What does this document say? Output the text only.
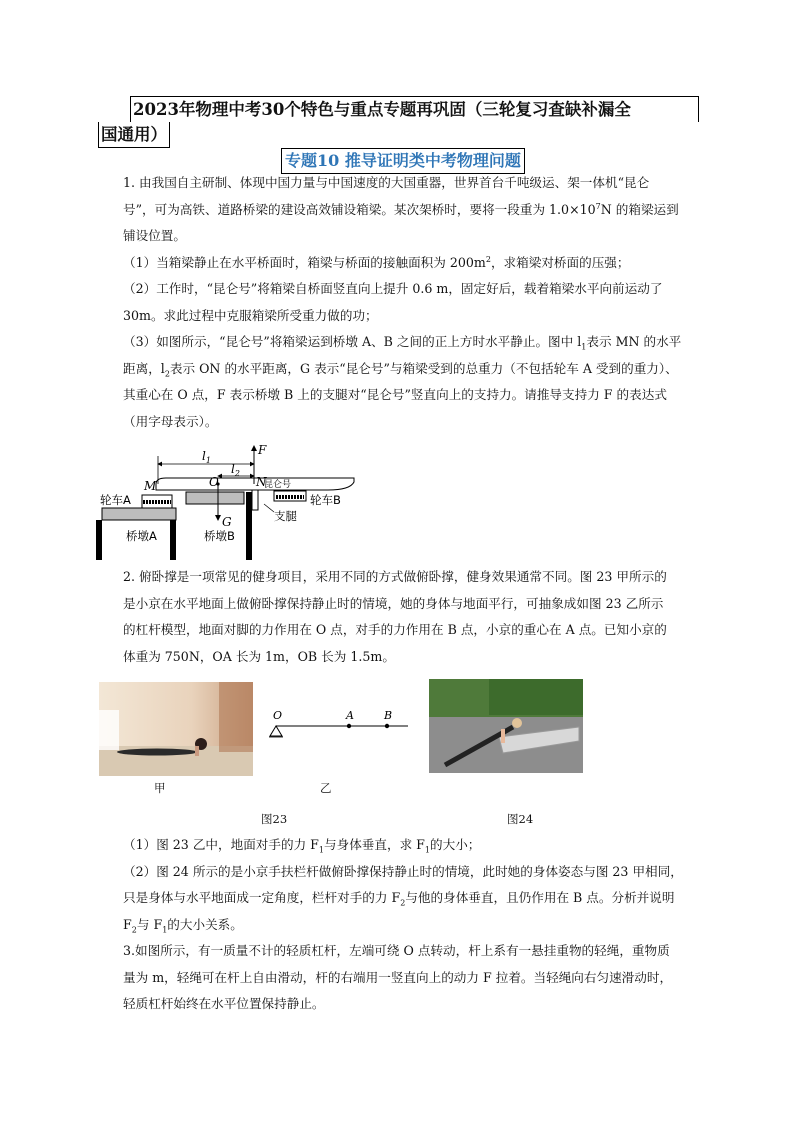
2023年物理中考30个特色与重点专题再巩固（三轮复习查缺补漏全
国通用）
专题10 推导证明类中考物理问题
1. 由我国自主研制、体现中国力量与中国速度的大国重器，世界首台千吨级运、架一体机“昆仑
号”，可为高铁、道路桥梁的建设高效铺设箱梁。某次架桥时，要将一段重为 $1.0\times 10^7N$ 的箱梁运到
铺设位置。
（1）当箱梁静止在水平桥面时，箱梁与桥面的接触面积为 $200m^2$，求箱梁对桥面的压强；
（2）工作时，“昆仑号”将箱梁自桥面竖直向上提升 0.6 m，固定好后，载着箱梁水平向前运动了
30m。求此过程中克服箱梁所受重力做的功；
（3）如图所示，“昆仑号”将箱梁运到桥墩 A、B 之间的正上方时水平静止。图中 $l_1$表示 MN 的水平
距离，$l_2$表示 ON 的水平距离，G 表示“昆仑号”与箱梁受到的总重力（不包括轮车 A 受到的重力）、
其重心在 O 点，F 表示桥墩 B 上的支腿对“昆仑号”竖直向上的支持力。请推导支持力 F 的表达式
（用字母表示）。
$l_1$
$l_2$
F
M	O	N
G
昆仑号
轮车A	轮车B
支腿
桥墩A	桥墩B
2. 俯卧撑是一项常见的健身项目，采用不同的方式做俯卧撑，健身效果通常不同。图 23 甲所示的
是小京在水平地面上做俯卧撑保持静止时的情境，她的身体与地面平行，可抽象成如图 23 乙所示
的杠杆模型，地面对脚的力作用在 O 点，对手的力作用在 B 点，小京的重心在 A 点。已知小京的
体重为 750N，OA 长为 1m，OB 长为 1.5m。
O	A	B
甲	乙
图23	图24
（1）图 23 乙中，地面对手的力 $F_1$与身体垂直，求 $F_1$的大小；
（2）图 24 所示的是小京手扶栏杆做俯卧撑保持静止时的情境，此时她的身体姿态与图 23 甲相同，
只是身体与水平地面成一定角度，栏杆对手的力 $F_2$与他的身体垂直，且仍作用在 B 点。分析并说明
$F_2$与 $F_1$的大小关系。
3.如图所示，有一质量不计的轻质杠杆，左端可绕 O 点转动，杆上系有一悬挂重物的轻绳，重物质
量为 m，轻绳可在杆上自由滑动，杆的右端用一竖直向上的动力 F 拉着。当轻绳向右匀速滑动时，
轻质杠杆始终在水平位置保持静止。
